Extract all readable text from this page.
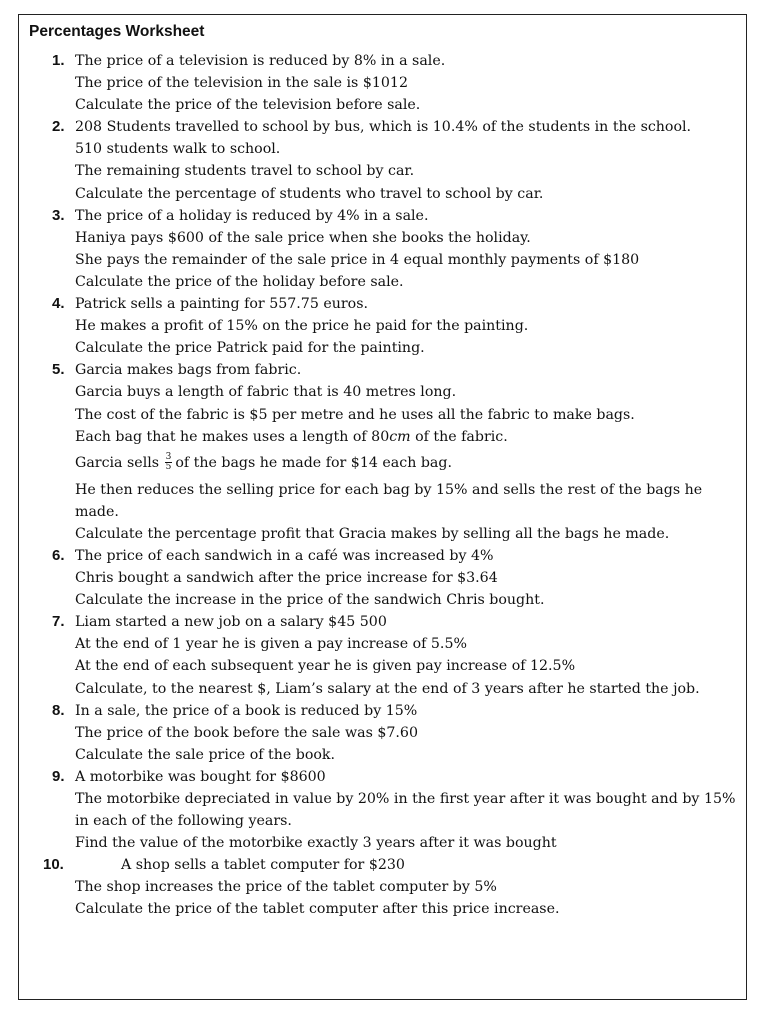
Percentages Worksheet
1. The price of a television is reduced by 8% in a sale.
The price of the television in the sale is $1012
Calculate the price of the television before sale.
2. 208 Students travelled to school by bus, which is 10.4% of the students in the school.
510 students walk to school.
The remaining students travel to school by car.
Calculate the percentage of students who travel to school by car.
3. The price of a holiday is reduced by 4% in a sale.
Haniya pays $600 of the sale price when she books the holiday.
She pays the remainder of the sale price in 4 equal monthly payments of $180
Calculate the price of the holiday before sale.
4. Patrick sells a painting for 557.75 euros.
He makes a profit of 15% on the price he paid for the painting.
Calculate the price Patrick paid for the painting.
5. Garcia makes bags from fabric.
Garcia buys a length of fabric that is 40 metres long.
The cost of the fabric is $5 per metre and he uses all the fabric to make bags.
Each bag that he makes uses a length of 80cm of the fabric.
Garcia sells $\frac{3}{5}$ of the bags he made for $14 each bag.
He then reduces the selling price for each bag by 15% and sells the rest of the bags he made.
Calculate the percentage profit that Gracia makes by selling all the bags he made.
6. The price of each sandwich in a café was increased by 4%
Chris bought a sandwich after the price increase for $3.64
Calculate the increase in the price of the sandwich Chris bought.
7. Liam started a new job on a salary $45 500
At the end of 1 year he is given a pay increase of 5.5%
At the end of each subsequent year he is given pay increase of 12.5%
Calculate, to the nearest $, Liam’s salary at the end of 3 years after he started the job.
8. In a sale, the price of a book is reduced by 15%
The price of the book before the sale was $7.60
Calculate the sale price of the book.
9. A motorbike was bought for $8600
The motorbike depreciated in value by 20% in the first year after it was bought and by 15% in each of the following years.
Find the value of the motorbike exactly 3 years after it was bought
10.	A shop sells a tablet computer for $230
The shop increases the price of the tablet computer by 5%
Calculate the price of the tablet computer after this price increase.
